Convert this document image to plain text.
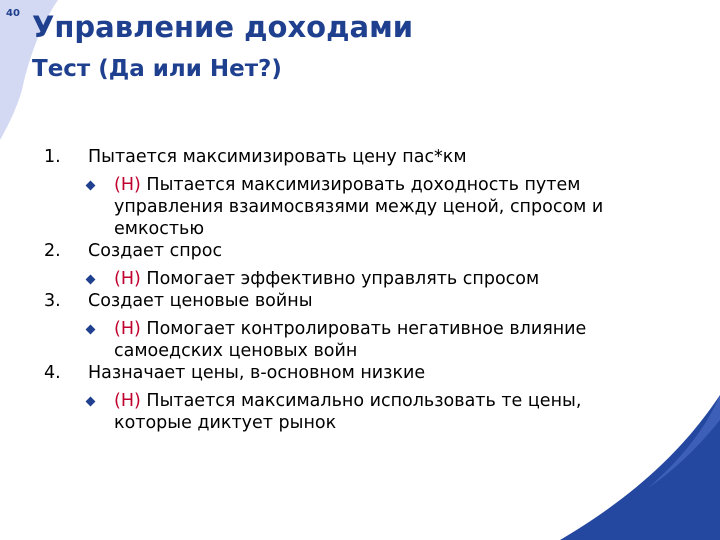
40 Управление доходами
Тест (Да или Нет?)
1.	Пытается максимизировать цену пас*км
(Н) Пытается максимизировать доходность путем управления взаимосвязями между ценой, спросом и емкостью
2.	Создает спрос
(Н) Помогает эффективно управлять спросом
3.	Создает ценовые войны
(Н) Помогает контролировать негативное влияние самоедских ценовых войн
4.	Назначает цены, в-основном низкие
(Н) Пытается максимально использовать те цены, которые диктует рынок
